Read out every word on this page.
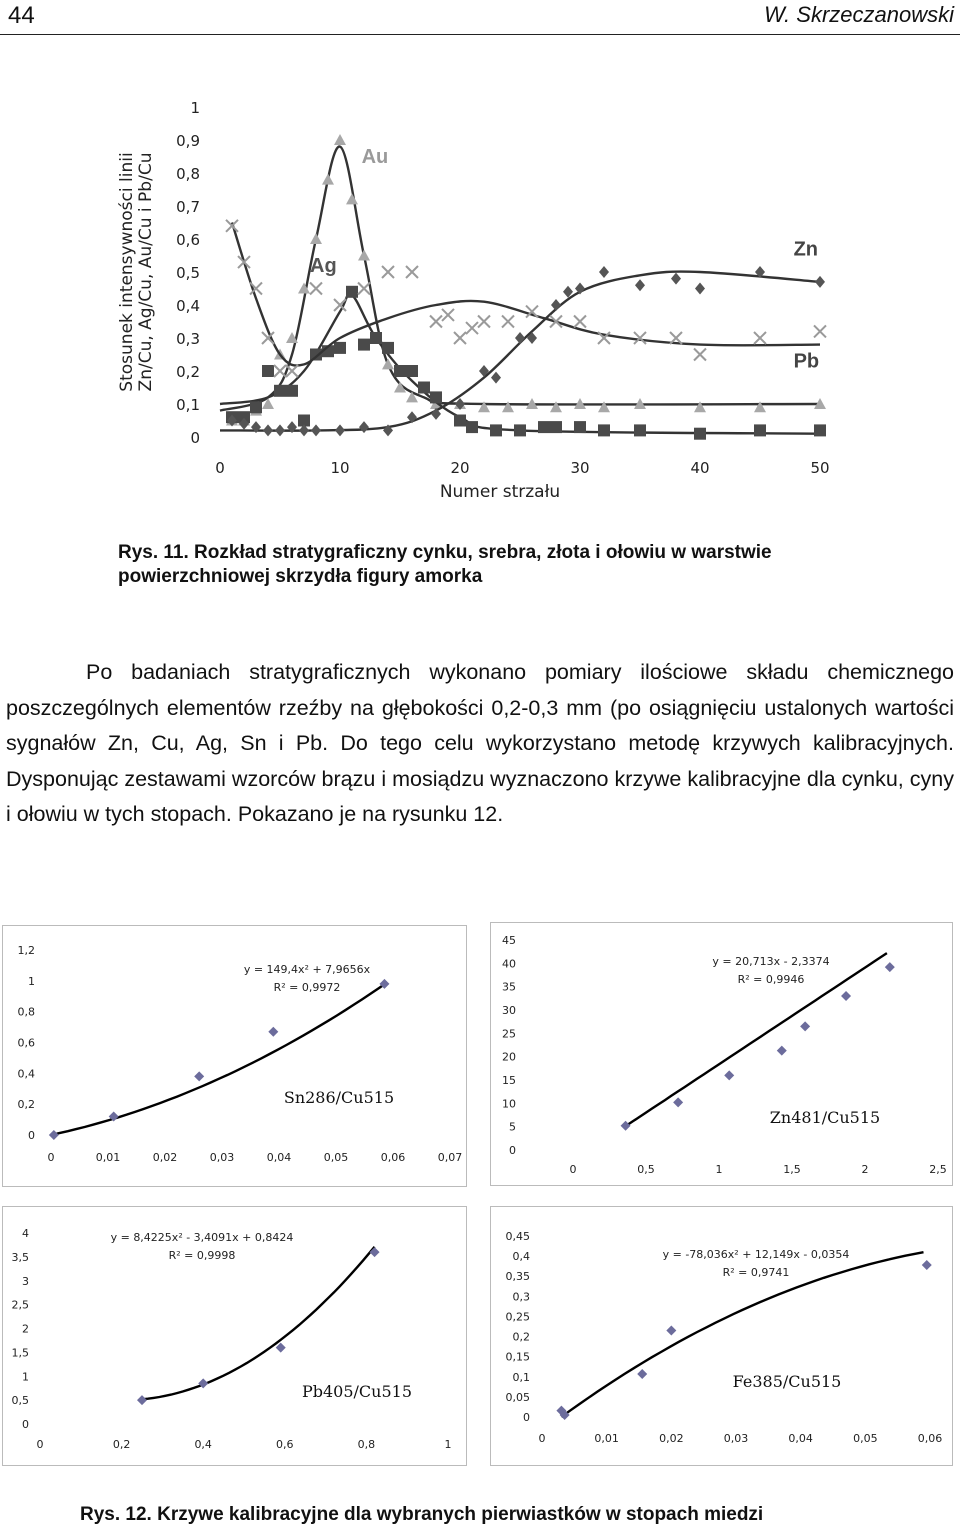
44	W. Skrzeczanowski
0
0,1
0,2
0,3
0,4
0,5
0,6
0,7
0,8
0,9
1
0	10	20	30	40	50
Numer strzału
Stosunek intensywności linii Zn/Cu, Ag/Cu, Au/Cu i Pb/Cu	Au
Ag
Zn
Pb
Rys. 11. Rozkład stratygraficzny cynku, srebra, złota i ołowiu w warstwie powierzchniowej skrzydła figury amorka

Po badaniach stratygraficznych wykonano pomiary ilościowe składu chemicznego poszczególnych elementów rzeźby na głębokości 0,2-0,3 mm (po osiągnięciu ustalonych wartości sygnałów Zn, Cu, Ag, Sn i Pb. Do tego celu wykorzystano metodę krzywych kalibracyjnych. Dysponując zestawami wzorców brązu i mosiądzu wyznaczono krzywe kalibracyjne dla cynku, cyny i ołowiu w tych stopach. Pokazano je na rysunku 12.

0
0,2
0,4
0,6
0,8
1
1,2
0	0,01	0,02	0,03	0,04	0,05	0,06	0,07
y = 149,4x² + 7,9656x
R² = 0,9972
Sn286/Cu515
0
5
10
15
20
25
30
35
40
45
0	0,5	1	1,5	2	2,5
y = 20,713x - 2,3374
R² = 0,9946
Zn481/Cu515
0
0,5
1
1,5
2
2,5
3
3,5
4
0	0,2	0,4	0,6	0,8	1
y = 8,4225x² - 3,4091x + 0,8424
R² = 0,9998
Pb405/Cu515
0
0,05
0,1
0,15
0,2
0,25
0,3
0,35
0,4
0,45
0	0,01	0,02	0,03	0,04	0,05	0,06
y = -78,036x² + 12,149x - 0,0354
R² = 0,9741
Fe385/Cu515
Rys. 12. Krzywe kalibracyjne dla wybranych pierwiastków w stopach miedzi
